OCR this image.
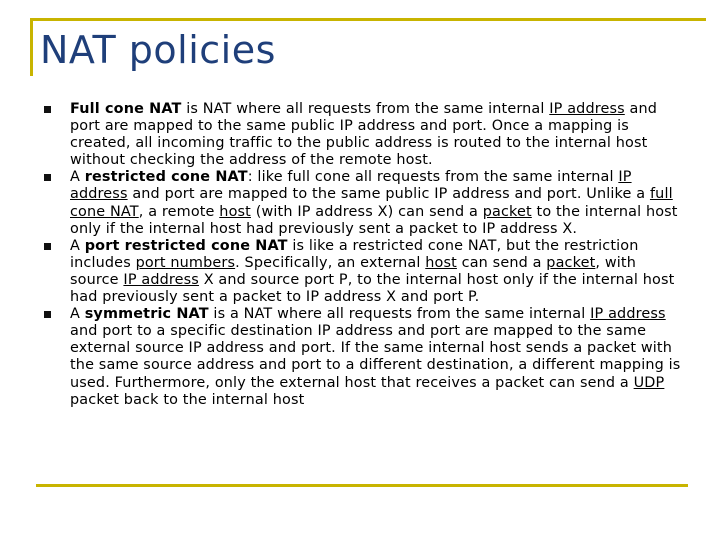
NAT policies
Full cone NAT is NAT where all requests from the same internal IP address and port are mapped to the same public IP address and port. Once a mapping is created, all incoming traffic to the public address is routed to the internal host without checking the address of the remote host.
A restricted cone NAT: like full cone all requests from the same internal IP address and port are mapped to the same public IP address and port. Unlike a full cone NAT, a remote host (with IP address X) can send a packet to the internal host only if the internal host had previously sent a packet to IP address X.
A port restricted cone NAT is like a restricted cone NAT, but the restriction includes port numbers. Specifically, an external host can send a packet, with source IP address X and source port P, to the internal host only if the internal host had previously sent a packet to IP address X and port P.
A symmetric NAT is a NAT where all requests from the same internal IP address and port to a specific destination IP address and port are mapped to the same external source IP address and port. If the same internal host sends a packet with the same source address and port to a different destination, a different mapping is used. Furthermore, only the external host that receives a packet can send a UDP packet back to the internal host
